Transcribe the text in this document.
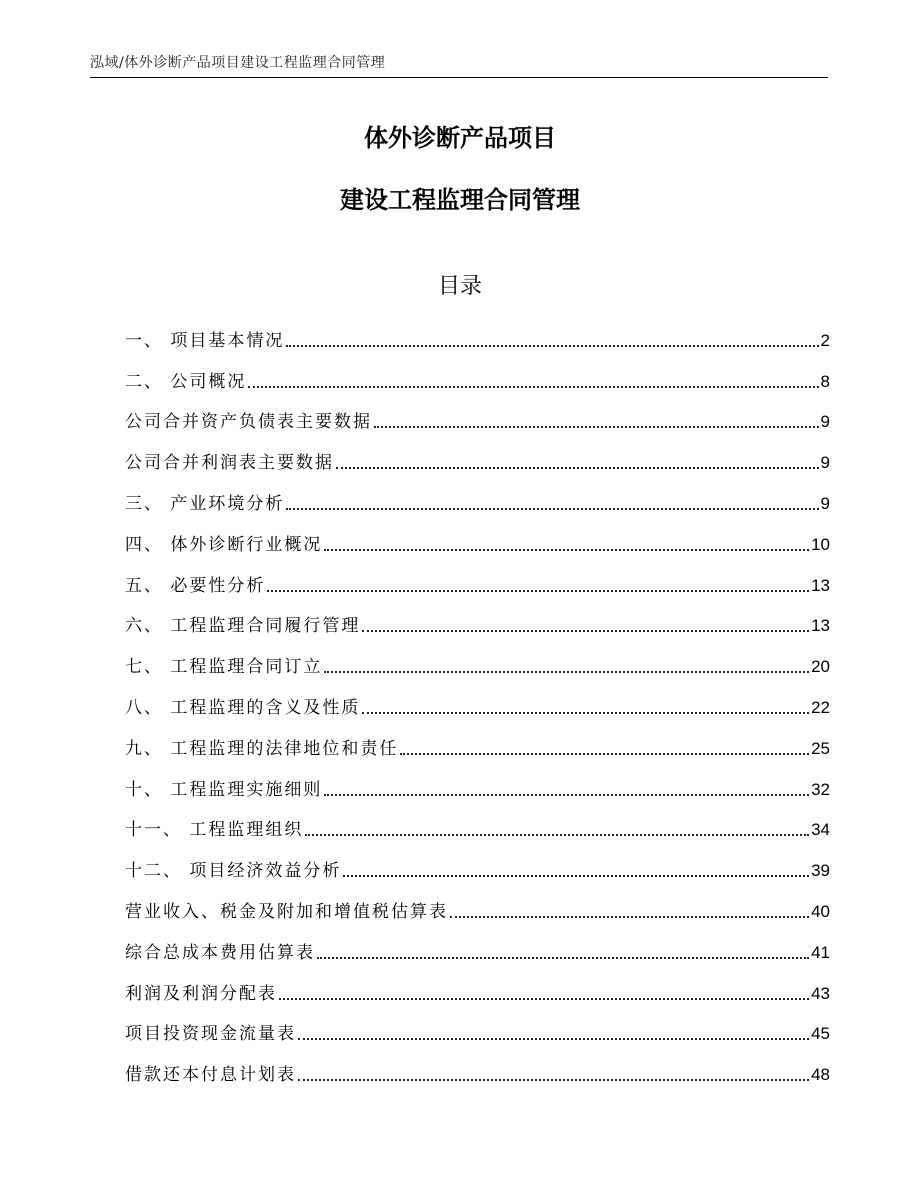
泓域/体外诊断产品项目建设工程监理合同管理
体外诊断产品项目
建设工程监理合同管理
目录
一、 项目基本情况	2
二、 公司概况	8
公司合并资产负债表主要数据	9
公司合并利润表主要数据	9
三、 产业环境分析	9
四、 体外诊断行业概况	10
五、 必要性分析	13
六、 工程监理合同履行管理	13
七、 工程监理合同订立	20
八、 工程监理的含义及性质	22
九、 工程监理的法律地位和责任	25
十、 工程监理实施细则	32
十一、 工程监理组织	34
十二、 项目经济效益分析	39
营业收入、税金及附加和增值税估算表	40
综合总成本费用估算表	41
利润及利润分配表	43
项目投资现金流量表	45
借款还本付息计划表	48
